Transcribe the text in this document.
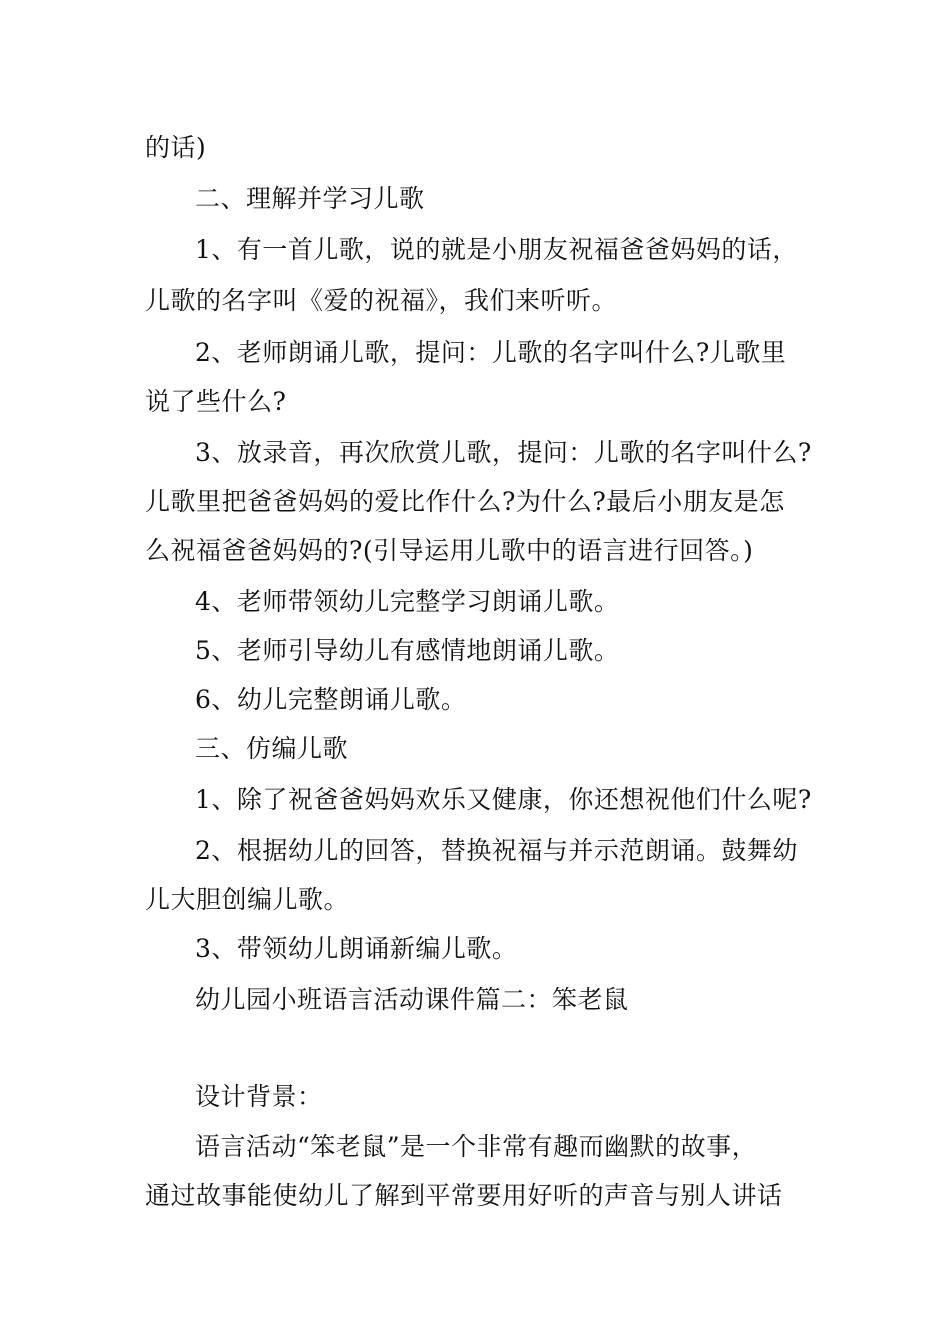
的话)

二、理解并学习儿歌

1、有一首儿歌，说的就是小朋友祝福爸爸妈妈的话，

儿歌的名字叫《爱的祝福》，我们来听听。

2、老师朗诵儿歌，提问：儿歌的名字叫什么?儿歌里

说了些什么?

3、放录音，再次欣赏儿歌，提问：儿歌的名字叫什么?

儿歌里把爸爸妈妈的爱比作什么?为什么?最后小朋友是怎

么祝福爸爸妈妈的?(引导运用儿歌中的语言进行回答。)

4、老师带领幼儿完整学习朗诵儿歌。

5、老师引导幼儿有感情地朗诵儿歌。

6、幼儿完整朗诵儿歌。

三、仿编儿歌

1、除了祝爸爸妈妈欢乐又健康，你还想祝他们什么呢?

2、根据幼儿的回答，替换祝福与并示范朗诵。鼓舞幼

儿大胆创编儿歌。

3、带领幼儿朗诵新编儿歌。

幼儿园小班语言活动课件篇二：笨老鼠

设计背景：

语言活动“笨老鼠”是一个非常有趣而幽默的故事，

通过故事能使幼儿了解到平常要用好听的声音与别人讲话
